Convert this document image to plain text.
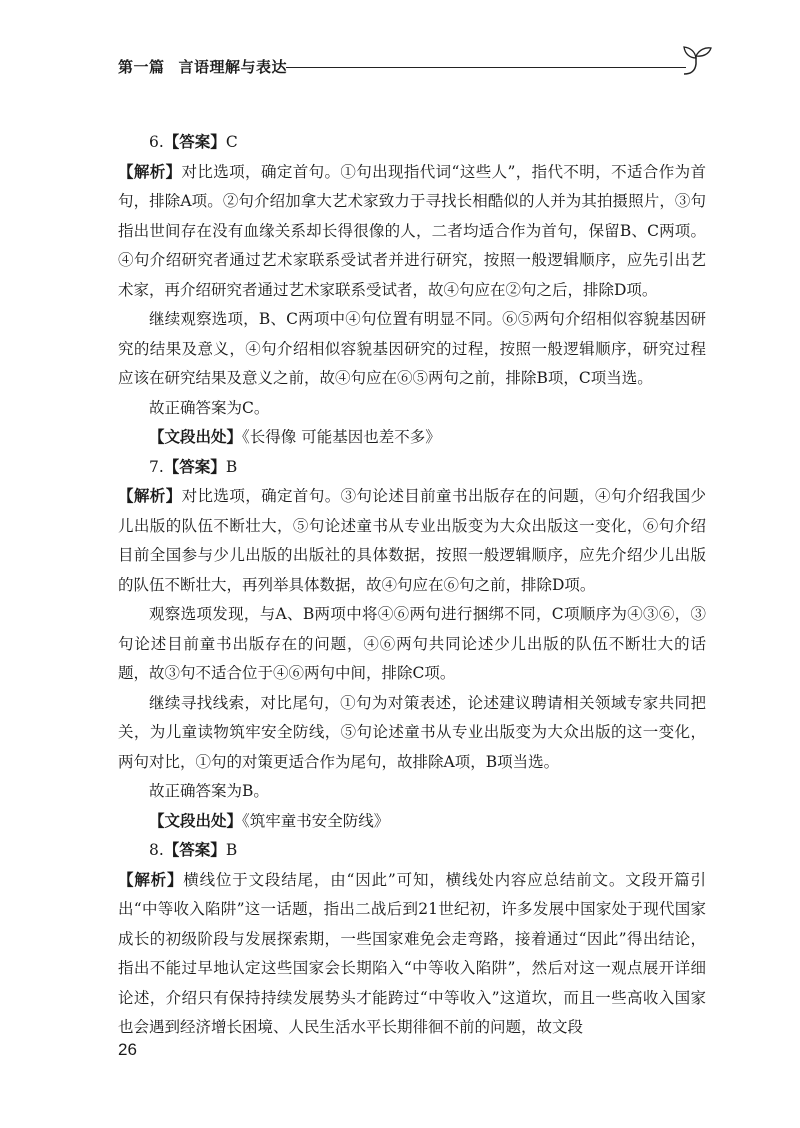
第一篇 言语理解与表达

6.【答案】C

【解析】对比选项，确定首句。①句出现指代词“这些人”，指代不明，不适合作为首句，排除A项。②句介绍加拿大艺术家致力于寻找长相酷似的人并为其拍摄照片，③句指出世间存在没有血缘关系却长得很像的人，二者均适合作为首句，保留B、C两项。④句介绍研究者通过艺术家联系受试者并进行研究，按照一般逻辑顺序，应先引出艺术家，再介绍研究者通过艺术家联系受试者，故④句应在②句之后，排除D项。

继续观察选项，B、C两项中④句位置有明显不同。⑥⑤两句介绍相似容貌基因研究的结果及意义，④句介绍相似容貌基因研究的过程，按照一般逻辑顺序，研究过程应该在研究结果及意义之前，故④句应在⑥⑤两句之前，排除B项，C项当选。

故正确答案为C。

【文段出处】《长得像 可能基因也差不多》

7.【答案】B

【解析】对比选项，确定首句。③句论述目前童书出版存在的问题，④句介绍我国少儿出版的队伍不断壮大，⑤句论述童书从专业出版变为大众出版这一变化，⑥句介绍目前全国参与少儿出版的出版社的具体数据，按照一般逻辑顺序，应先介绍少儿出版的队伍不断壮大，再列举具体数据，故④句应在⑥句之前，排除D项。

观察选项发现，与A、B两项中将④⑥两句进行捆绑不同，C项顺序为④③⑥，③句论述目前童书出版存在的问题，④⑥两句共同论述少儿出版的队伍不断壮大的话题，故③句不适合位于④⑥两句中间，排除C项。

继续寻找线索，对比尾句，①句为对策表述，论述建议聘请相关领域专家共同把关，为儿童读物筑牢安全防线，⑤句论述童书从专业出版变为大众出版的这一变化，两句对比，①句的对策更适合作为尾句，故排除A项，B项当选。

故正确答案为B。

【文段出处】《筑牢童书安全防线》

8.【答案】B

【解析】横线位于文段结尾，由“因此”可知，横线处内容应总结前文。文段开篇引出“中等收入陷阱”这一话题，指出二战后到21世纪初，许多发展中国家处于现代国家成长的初级阶段与发展探索期，一些国家难免会走弯路，接着通过“因此”得出结论，指出不能过早地认定这些国家会长期陷入“中等收入陷阱”，然后对这一观点展开详细论述，介绍只有保持持续发展势头才能跨过“中等收入”这道坎，而且一些高收入国家也会遇到经济增长困境、人民生活水平长期徘徊不前的问题，故文段

26
